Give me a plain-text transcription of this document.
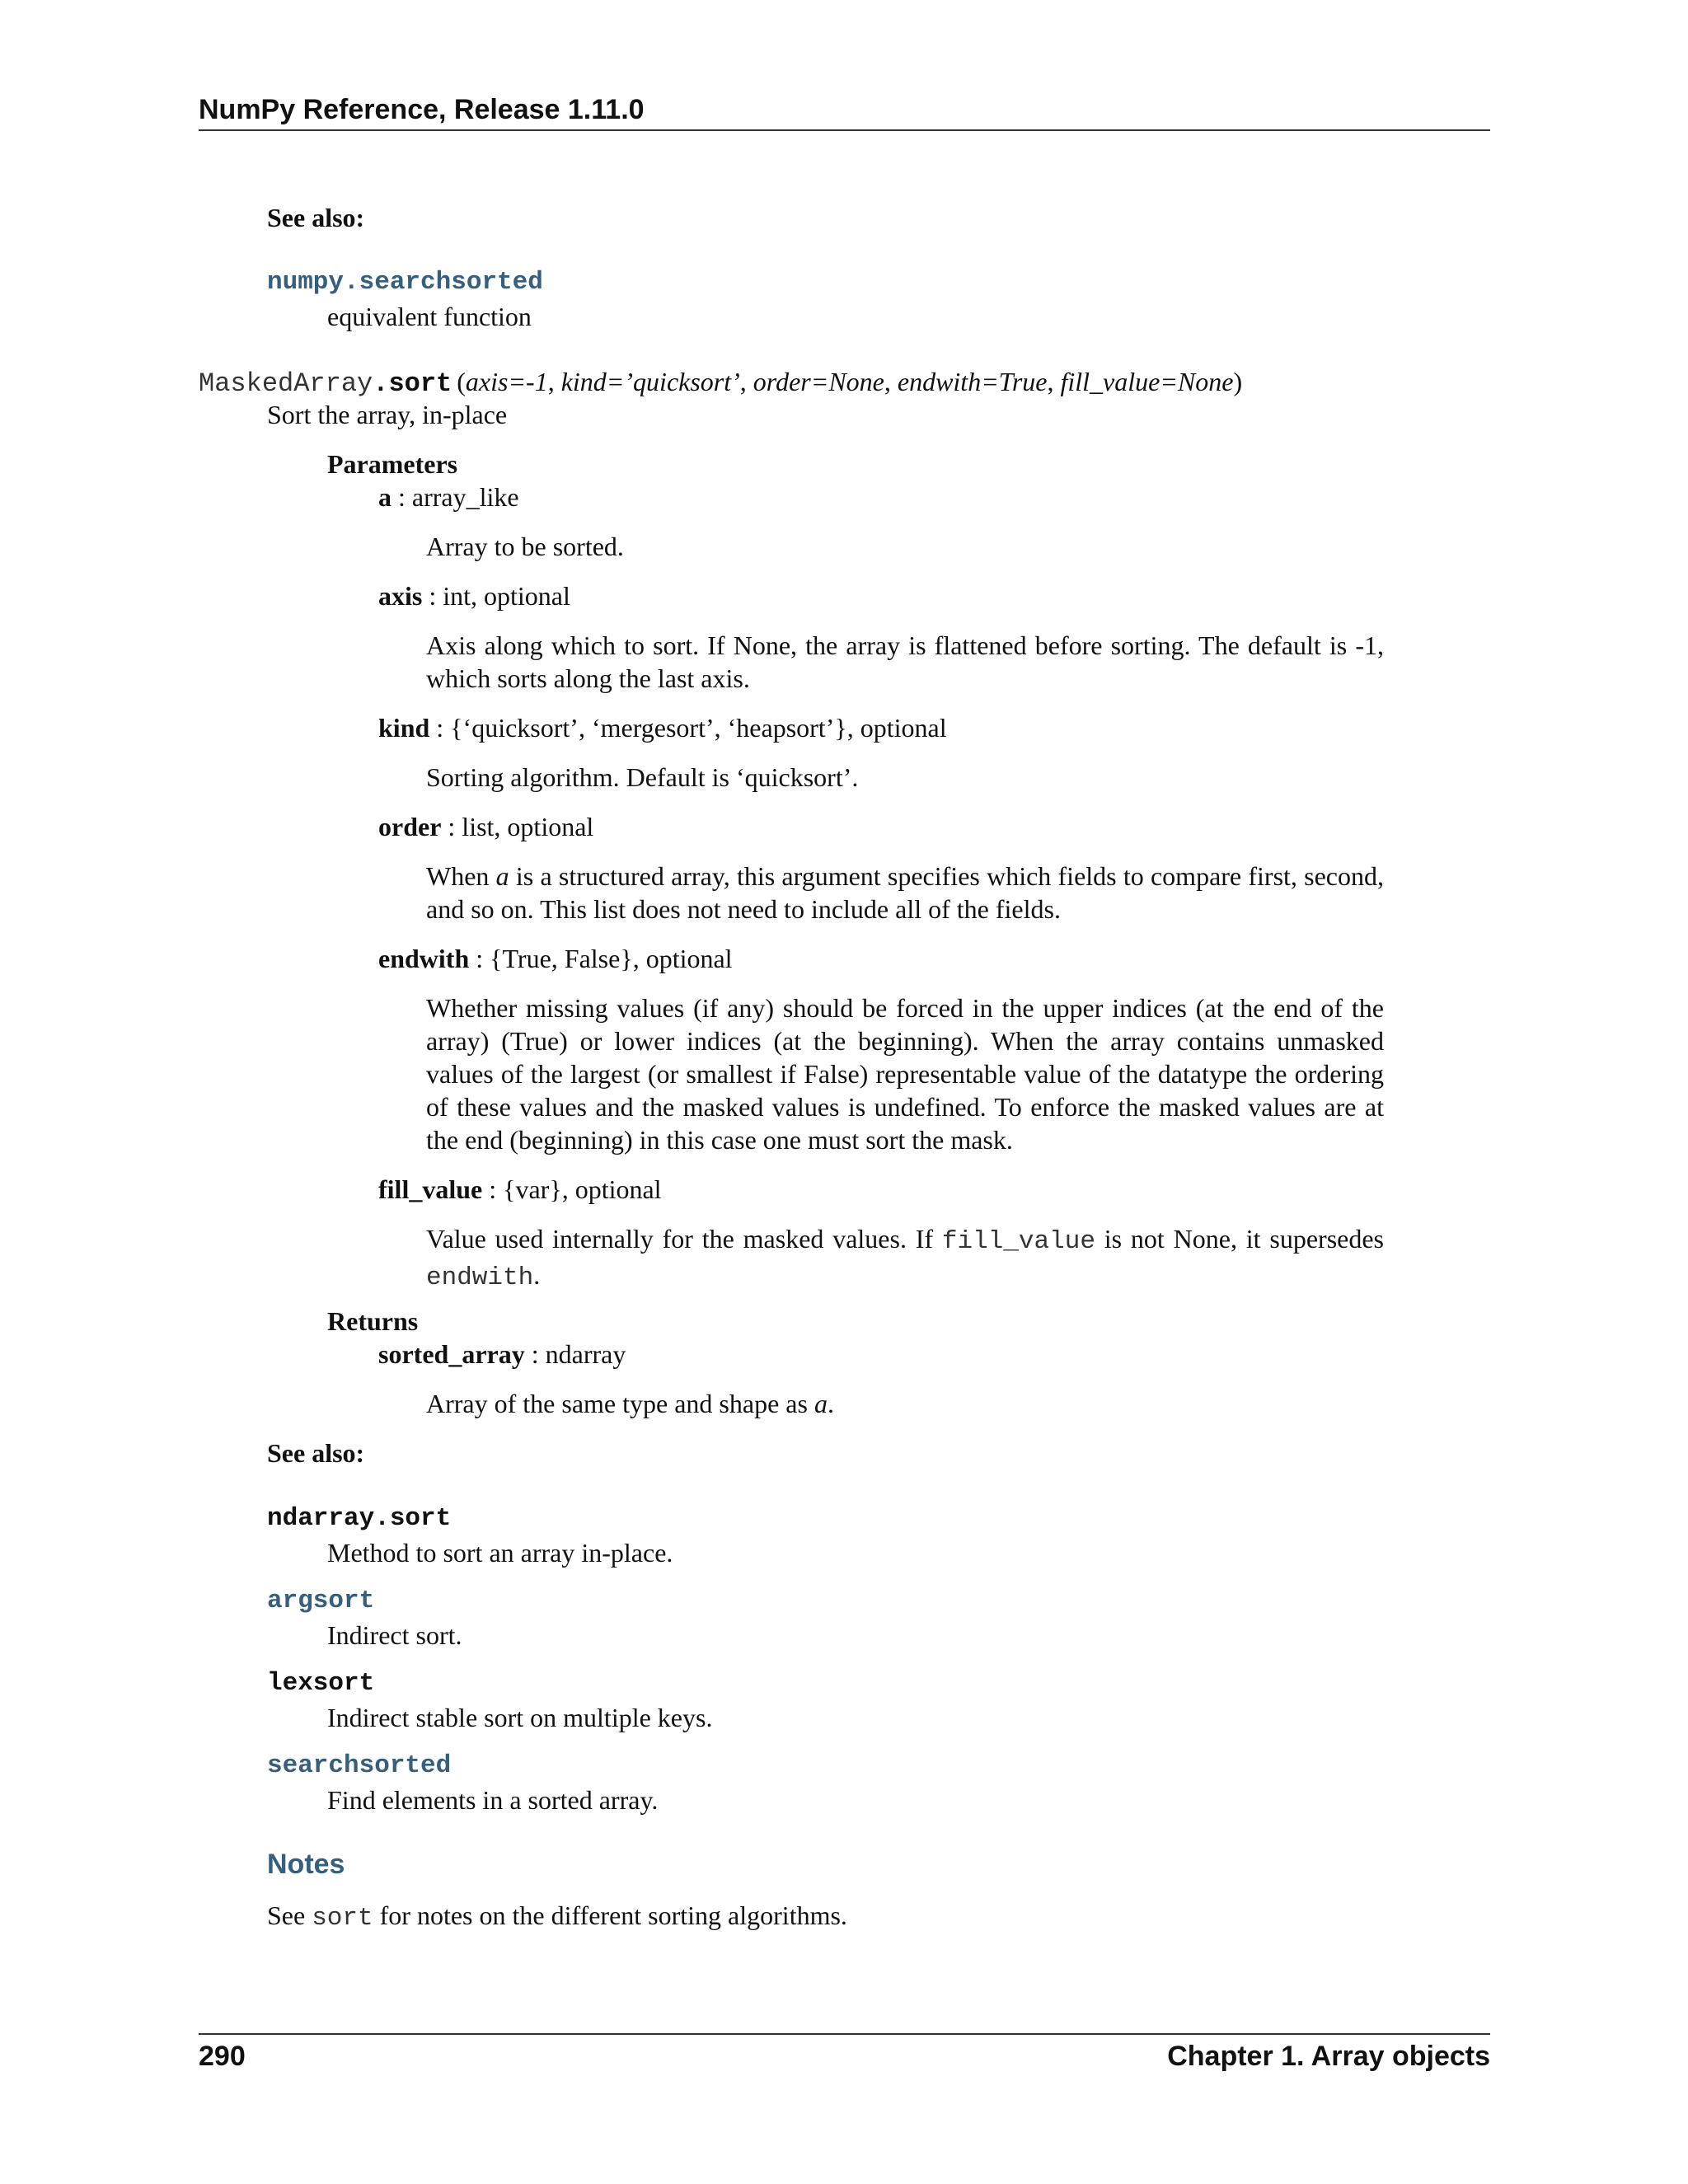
NumPy Reference, Release 1.11.0
See also:
numpy.searchsorted
equivalent function
MaskedArray.sort (axis=-1, kind=’quicksort’, order=None, endwith=True, fill_value=None)
Sort the array, in-place
Parameters
a : array_like
Array to be sorted.
axis : int, optional
Axis along which to sort. If None, the array is flattened before sorting. The default is -1, which sorts along the last axis.
kind : {‘quicksort’, ‘mergesort’, ‘heapsort’}, optional
Sorting algorithm. Default is ‘quicksort’.
order : list, optional
When a is a structured array, this argument specifies which fields to compare first, second, and so on. This list does not need to include all of the fields.
endwith : {True, False}, optional
Whether missing values (if any) should be forced in the upper indices (at the end of the array) (True) or lower indices (at the beginning). When the array contains unmasked values of the largest (or smallest if False) representable value of the datatype the ordering of these values and the masked values is undefined. To enforce the masked values are at the end (beginning) in this case one must sort the mask.
fill_value : {var}, optional
Value used internally for the masked values. If fill_value is not None, it supersedes endwith.
Returns
sorted_array : ndarray
Array of the same type and shape as a.
See also:
ndarray.sort
Method to sort an array in-place.
argsort
Indirect sort.
lexsort
Indirect stable sort on multiple keys.
searchsorted
Find elements in a sorted array.
Notes
See sort for notes on the different sorting algorithms.
290	Chapter 1. Array objects
